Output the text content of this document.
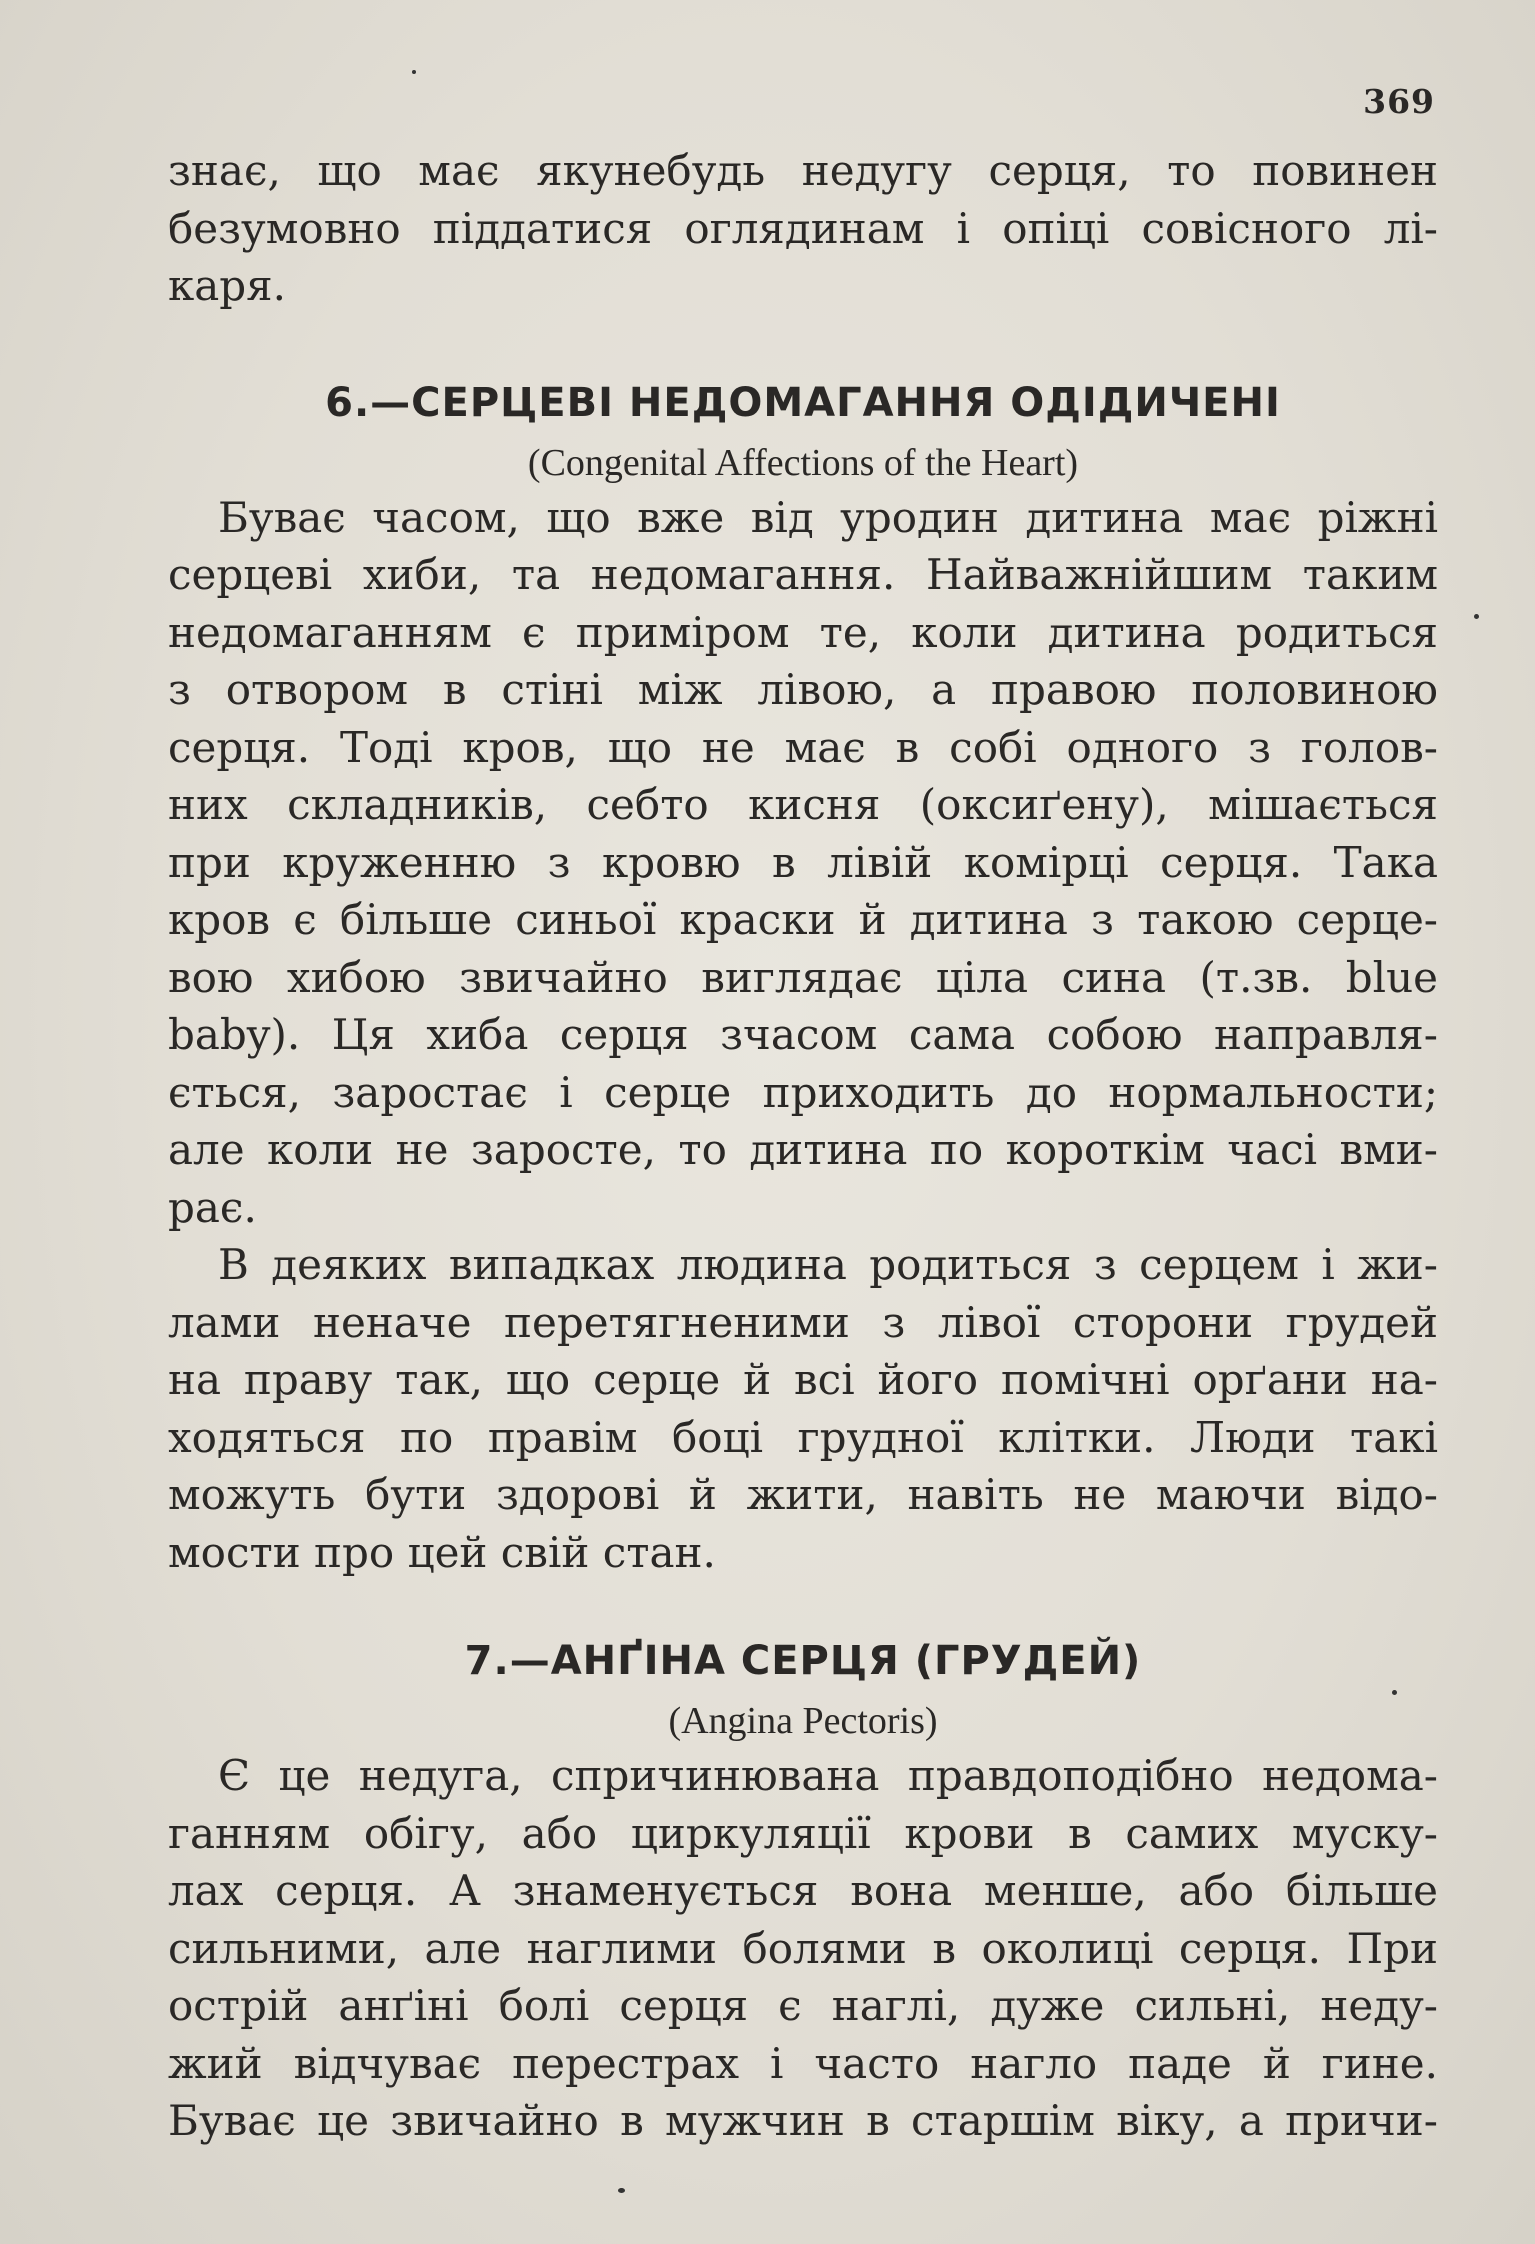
369
знає, що має якунебудь недугу серця, то повинен
безумовно піддатися оглядинам і опіці совісного лі-
каря.
6.—СЕРЦЕВІ НЕДОМАГАННЯ ОДІДИЧЕНІ
(Congenital Affections of the Heart)
Буває часом, що вже від уродин дитина має ріжні
серцеві хиби, та недомагання. Найважнійшим таким
недомаганням є приміром те, коли дитина родиться
з отвором в стіні між лівою, а правою половиною
серця. Тоді кров, що не має в собі одного з голов-
них складників, себто кисня (оксиґену), мішається
при круженню з кровю в лівій комірці серця. Така
кров є більше синьої краски й дитина з такою серце-
вою хибою звичайно виглядає ціла сина (т.зв. blue
baby). Ця хиба серця зчасом сама собою направля-
ється, заростає і серце приходить до нормальности;
але коли не заросте, то дитина по короткім часі вми-
рає.
В деяких випадках людина родиться з серцем і жи-
лами неначе перетягненими з лівої сторони грудей
на праву так, що серце й всі його помічні орґани на-
ходяться по правім боці грудної клітки. Люди такі
можуть бути здорові й жити, навіть не маючи відо-
мости про цей свій стан.
7.—АНҐІНА СЕРЦЯ (ГРУДЕЙ)
(Angina Pectoris)
Є це недуга, спричинювана правдоподібно недома-
ганням обігу, або циркуляції крови в самих муску-
лах серця. А знаменується вона менше, або більше
сильними, але наглими болями в околиці серця. При
острій анґіні болі серця є наглі, дуже сильні, неду-
жий відчуває перестрах і часто нагло паде й гине.
Буває це звичайно в мужчин в старшім віку, а причи-
